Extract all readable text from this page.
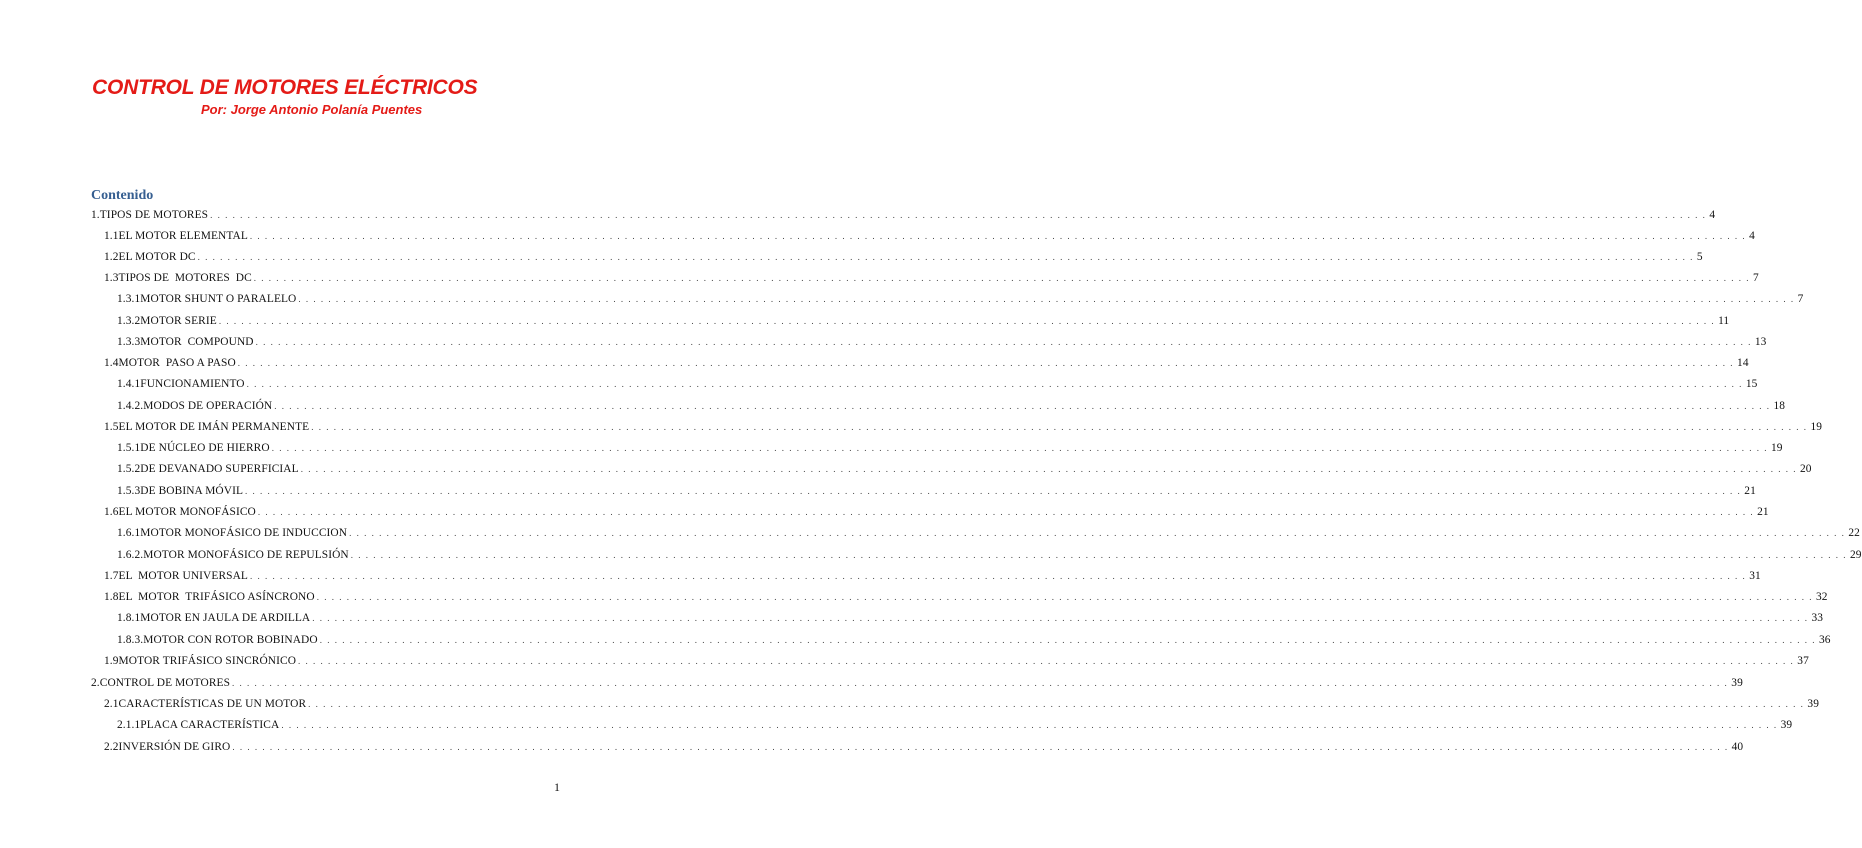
CONTROL DE MOTORES ELÉCTRICOS

Por: Jorge Antonio Polanía Puentes

Contenido
1. TIPOS DE MOTORES . . . . . . . . . . . . . . . . . . . . . . . . . . . . . . . . . . . . . . . . . . . . . . . . . . . . . . . . . . . . . . . . . . . . . . . . . . . . . . . . . . . . . . . . . . . . . . . . . . . . . . . . . . . . . . . . . . . . . . . . . . . . . . . . . . . . . . . . . . . . . . . . . . . . . . . . . . . . . . . . . . . . . . . . . . . . . . . . . . . . . . . . . . . . . . . . . . . . . . . . 4
1.1 EL MOTOR ELEMENTAL . . . . . . . . . . . . . . . . . . . . . . . . . . . . . . . . . . . . . . . . . . . . . . . . . . . . . . . . . . . . . . . . . . . . . . . . . . . . . . . . . . . . . . . . . . . . . . . . . . . . . . . . . . . . . . . . . . . . . . . . . . . . . . . . . . . . . . . . . . . . . . . . . . . . . . . . . . . . . . . . . . . . . . . . . . . . . . . . . . . . . . . . . . . . . . . . . . . . . . . . 4
1.2 EL MOTOR DC . . . . . . . . . . . . . . . . . . . . . . . . . . . . . . . . . . . . . . . . . . . . . . . . . . . . . . . . . . . . . . . . . . . . . . . . . . . . . . . . . . . . . . . . . . . . . . . . . . . . . . . . . . . . . . . . . . . . . . . . . . . . . . . . . . . . . . . . . . . . . . . . . . . . . . . . . . . . . . . . . . . . . . . . . . . . . . . . . . . . . . . . . . . . . . . . . . . . . . . . 5
1.3 TIPOS DE  MOTORES  DC . . . . . . . . . . . . . . . . . . . . . . . . . . . . . . . . . . . . . . . . . . . . . . . . . . . . . . . . . . . . . . . . . . . . . . . . . . . . . . . . . . . . . . . . . . . . . . . . . . . . . . . . . . . . . . . . . . . . . . . . . . . . . . . . . . . . . . . . . . . . . . . . . . . . . . . . . . . . . . . . . . . . . . . . . . . . . . . . . . . . . . . . . . . . . . . . . . . . . . . . 7
1.3.1 MOTOR SHUNT O PARALELO . . . . . . . . . . . . . . . . . . . . . . . . . . . . . . . . . . . . . . . . . . . . . . . . . . . . . . . . . . . . . . . . . . . . . . . . . . . . . . . . . . . . . . . . . . . . . . . . . . . . . . . . . . . . . . . . . . . . . . . . . . . . . . . . . . . . . . . . . . . . . . . . . . . . . . . . . . . . . . . . . . . . . . . . . . . . . . . . . . . . . . . . . . . . . . . . . . . . . . . . 7
1.3.2 MOTOR SERIE . . . . . . . . . . . . . . . . . . . . . . . . . . . . . . . . . . . . . . . . . . . . . . . . . . . . . . . . . . . . . . . . . . . . . . . . . . . . . . . . . . . . . . . . . . . . . . . . . . . . . . . . . . . . . . . . . . . . . . . . . . . . . . . . . . . . . . . . . . . . . . . . . . . . . . . . . . . . . . . . . . . . . . . . . . . . . . . . . . . . . . . . . . . . . . . . . . . . . . . . 11
1.3.3 MOTOR  COMPOUND . . . . . . . . . . . . . . . . . . . . . . . . . . . . . . . . . . . . . . . . . . . . . . . . . . . . . . . . . . . . . . . . . . . . . . . . . . . . . . . . . . . . . . . . . . . . . . . . . . . . . . . . . . . . . . . . . . . . . . . . . . . . . . . . . . . . . . . . . . . . . . . . . . . . . . . . . . . . . . . . . . . . . . . . . . . . . . . . . . . . . . . . . . . . . . . . . . . . . . . . 13
1.4 MOTOR  PASO A PASO . . . . . . . . . . . . . . . . . . . . . . . . . . . . . . . . . . . . . . . . . . . . . . . . . . . . . . . . . . . . . . . . . . . . . . . . . . . . . . . . . . . . . . . . . . . . . . . . . . . . . . . . . . . . . . . . . . . . . . . . . . . . . . . . . . . . . . . . . . . . . . . . . . . . . . . . . . . . . . . . . . . . . . . . . . . . . . . . . . . . . . . . . . . . . . . . . . . . . . . . 14
1.4.1 FUNCIONAMIENTO . . . . . . . . . . . . . . . . . . . . . . . . . . . . . . . . . . . . . . . . . . . . . . . . . . . . . . . . . . . . . . . . . . . . . . . . . . . . . . . . . . . . . . . . . . . . . . . . . . . . . . . . . . . . . . . . . . . . . . . . . . . . . . . . . . . . . . . . . . . . . . . . . . . . . . . . . . . . . . . . . . . . . . . . . . . . . . . . . . . . . . . . . . . . . . . . . . . . . . . . 15
1.4.2. MODOS DE OPERACIÓN . . . . . . . . . . . . . . . . . . . . . . . . . . . . . . . . . . . . . . . . . . . . . . . . . . . . . . . . . . . . . . . . . . . . . . . . . . . . . . . . . . . . . . . . . . . . . . . . . . . . . . . . . . . . . . . . . . . . . . . . . . . . . . . . . . . . . . . . . . . . . . . . . . . . . . . . . . . . . . . . . . . . . . . . . . . . . . . . . . . . . . . . . . . . . . . . . . . . . . . . 18
1.5 EL MOTOR DE IMÁN PERMANENTE . . . . . . . . . . . . . . . . . . . . . . . . . . . . . . . . . . . . . . . . . . . . . . . . . . . . . . . . . . . . . . . . . . . . . . . . . . . . . . . . . . . . . . . . . . . . . . . . . . . . . . . . . . . . . . . . . . . . . . . . . . . . . . . . . . . . . . . . . . . . . . . . . . . . . . . . . . . . . . . . . . . . . . . . . . . . . . . . . . . . . . . . . . . . . . . . . . . . . . . . 19
1.5.1 DE NÚCLEO DE HIERRO . . . . . . . . . . . . . . . . . . . . . . . . . . . . . . . . . . . . . . . . . . . . . . . . . . . . . . . . . . . . . . . . . . . . . . . . . . . . . . . . . . . . . . . . . . . . . . . . . . . . . . . . . . . . . . . . . . . . . . . . . . . . . . . . . . . . . . . . . . . . . . . . . . . . . . . . . . . . . . . . . . . . . . . . . . . . . . . . . . . . . . . . . . . . . . . . . . . . . . . . 19
1.5.2 DE DEVANADO SUPERFICIAL . . . . . . . . . . . . . . . . . . . . . . . . . . . . . . . . . . . . . . . . . . . . . . . . . . . . . . . . . . . . . . . . . . . . . . . . . . . . . . . . . . . . . . . . . . . . . . . . . . . . . . . . . . . . . . . . . . . . . . . . . . . . . . . . . . . . . . . . . . . . . . . . . . . . . . . . . . . . . . . . . . . . . . . . . . . . . . . . . . . . . . . . . . . . . . . . . . . . . . . . 20
1.5.3 DE BOBINA MÓVIL . . . . . . . . . . . . . . . . . . . . . . . . . . . . . . . . . . . . . . . . . . . . . . . . . . . . . . . . . . . . . . . . . . . . . . . . . . . . . . . . . . . . . . . . . . . . . . . . . . . . . . . . . . . . . . . . . . . . . . . . . . . . . . . . . . . . . . . . . . . . . . . . . . . . . . . . . . . . . . . . . . . . . . . . . . . . . . . . . . . . . . . . . . . . . . . . . . . . . . . . 21
1.6 EL MOTOR MONOFÁSICO . . . . . . . . . . . . . . . . . . . . . . . . . . . . . . . . . . . . . . . . . . . . . . . . . . . . . . . . . . . . . . . . . . . . . . . . . . . . . . . . . . . . . . . . . . . . . . . . . . . . . . . . . . . . . . . . . . . . . . . . . . . . . . . . . . . . . . . . . . . . . . . . . . . . . . . . . . . . . . . . . . . . . . . . . . . . . . . . . . . . . . . . . . . . . . . . . . . . . . . . 21
1.6.1 MOTOR MONOFÁSICO DE INDUCCION . . . . . . . . . . . . . . . . . . . . . . . . . . . . . . . . . . . . . . . . . . . . . . . . . . . . . . . . . . . . . . . . . . . . . . . . . . . . . . . . . . . . . . . . . . . . . . . . . . . . . . . . . . . . . . . . . . . . . . . . . . . . . . . . . . . . . . . . . . . . . . . . . . . . . . . . . . . . . . . . . . . . . . . . . . . . . . . . . . . . . . . . . . . . . . . . . . . . . . . . 22
1.6.2. MOTOR MONOFÁSICO DE REPULSIÓN . . . . . . . . . . . . . . . . . . . . . . . . . . . . . . . . . . . . . . . . . . . . . . . . . . . . . . . . . . . . . . . . . . . . . . . . . . . . . . . . . . . . . . . . . . . . . . . . . . . . . . . . . . . . . . . . . . . . . . . . . . . . . . . . . . . . . . . . . . . . . . . . . . . . . . . . . . . . . . . . . . . . . . . . . . . . . . . . . . . . . . . . . . . . . . . . . . . . . . . . 29
1.7 EL  MOTOR UNIVERSAL . . . . . . . . . . . . . . . . . . . . . . . . . . . . . . . . . . . . . . . . . . . . . . . . . . . . . . . . . . . . . . . . . . . . . . . . . . . . . . . . . . . . . . . . . . . . . . . . . . . . . . . . . . . . . . . . . . . . . . . . . . . . . . . . . . . . . . . . . . . . . . . . . . . . . . . . . . . . . . . . . . . . . . . . . . . . . . . . . . . . . . . . . . . . . . . . . . . . . . . . 31
1.8 EL  MOTOR  TRIFÁSICO ASÍNCRONO . . . . . . . . . . . . . . . . . . . . . . . . . . . . . . . . . . . . . . . . . . . . . . . . . . . . . . . . . . . . . . . . . . . . . . . . . . . . . . . . . . . . . . . . . . . . . . . . . . . . . . . . . . . . . . . . . . . . . . . . . . . . . . . . . . . . . . . . . . . . . . . . . . . . . . . . . . . . . . . . . . . . . . . . . . . . . . . . . . . . . . . . . . . . . . . . . . . . . . . . 32
1.8.1 MOTOR EN JAULA DE ARDILLA . . . . . . . . . . . . . . . . . . . . . . . . . . . . . . . . . . . . . . . . . . . . . . . . . . . . . . . . . . . . . . . . . . . . . . . . . . . . . . . . . . . . . . . . . . . . . . . . . . . . . . . . . . . . . . . . . . . . . . . . . . . . . . . . . . . . . . . . . . . . . . . . . . . . . . . . . . . . . . . . . . . . . . . . . . . . . . . . . . . . . . . . . . . . . . . . . . . . . . . . 33
1.8.3. MOTOR CON ROTOR BOBINADO . . . . . . . . . . . . . . . . . . . . . . . . . . . . . . . . . . . . . . . . . . . . . . . . . . . . . . . . . . . . . . . . . . . . . . . . . . . . . . . . . . . . . . . . . . . . . . . . . . . . . . . . . . . . . . . . . . . . . . . . . . . . . . . . . . . . . . . . . . . . . . . . . . . . . . . . . . . . . . . . . . . . . . . . . . . . . . . . . . . . . . . . . . . . . . . . . . . . . . . . 36
1.9 MOTOR TRIFÁSICO SINCRÓNICO . . . . . . . . . . . . . . . . . . . . . . . . . . . . . . . . . . . . . . . . . . . . . . . . . . . . . . . . . . . . . . . . . . . . . . . . . . . . . . . . . . . . . . . . . . . . . . . . . . . . . . . . . . . . . . . . . . . . . . . . . . . . . . . . . . . . . . . . . . . . . . . . . . . . . . . . . . . . . . . . . . . . . . . . . . . . . . . . . . . . . . . . . . . . . . . . . . . . . . . . 37
2. CONTROL DE MOTORES . . . . . . . . . . . . . . . . . . . . . . . . . . . . . . . . . . . . . . . . . . . . . . . . . . . . . . . . . . . . . . . . . . . . . . . . . . . . . . . . . . . . . . . . . . . . . . . . . . . . . . . . . . . . . . . . . . . . . . . . . . . . . . . . . . . . . . . . . . . . . . . . . . . . . . . . . . . . . . . . . . . . . . . . . . . . . . . . . . . . . . . . . . . . . . . . . . . . . . . . 39
2.1 CARACTERÍSTICAS DE UN MOTOR . . . . . . . . . . . . . . . . . . . . . . . . . . . . . . . . . . . . . . . . . . . . . . . . . . . . . . . . . . . . . . . . . . . . . . . . . . . . . . . . . . . . . . . . . . . . . . . . . . . . . . . . . . . . . . . . . . . . . . . . . . . . . . . . . . . . . . . . . . . . . . . . . . . . . . . . . . . . . . . . . . . . . . . . . . . . . . . . . . . . . . . . . . . . . . . . . . . . . . . . 39
2.1.1 PLACA CARACTERÍSTICA . . . . . . . . . . . . . . . . . . . . . . . . . . . . . . . . . . . . . . . . . . . . . . . . . . . . . . . . . . . . . . . . . . . . . . . . . . . . . . . . . . . . . . . . . . . . . . . . . . . . . . . . . . . . . . . . . . . . . . . . . . . . . . . . . . . . . . . . . . . . . . . . . . . . . . . . . . . . . . . . . . . . . . . . . . . . . . . . . . . . . . . . . . . . . . . . . . . . . . . . 39
2.2 INVERSIÓN DE GIRO . . . . . . . . . . . . . . . . . . . . . . . . . . . . . . . . . . . . . . . . . . . . . . . . . . . . . . . . . . . . . . . . . . . . . . . . . . . . . . . . . . . . . . . . . . . . . . . . . . . . . . . . . . . . . . . . . . . . . . . . . . . . . . . . . . . . . . . . . . . . . . . . . . . . . . . . . . . . . . . . . . . . . . . . . . . . . . . . . . . . . . . . . . . . . . . . . . . . . . . . 40

1
